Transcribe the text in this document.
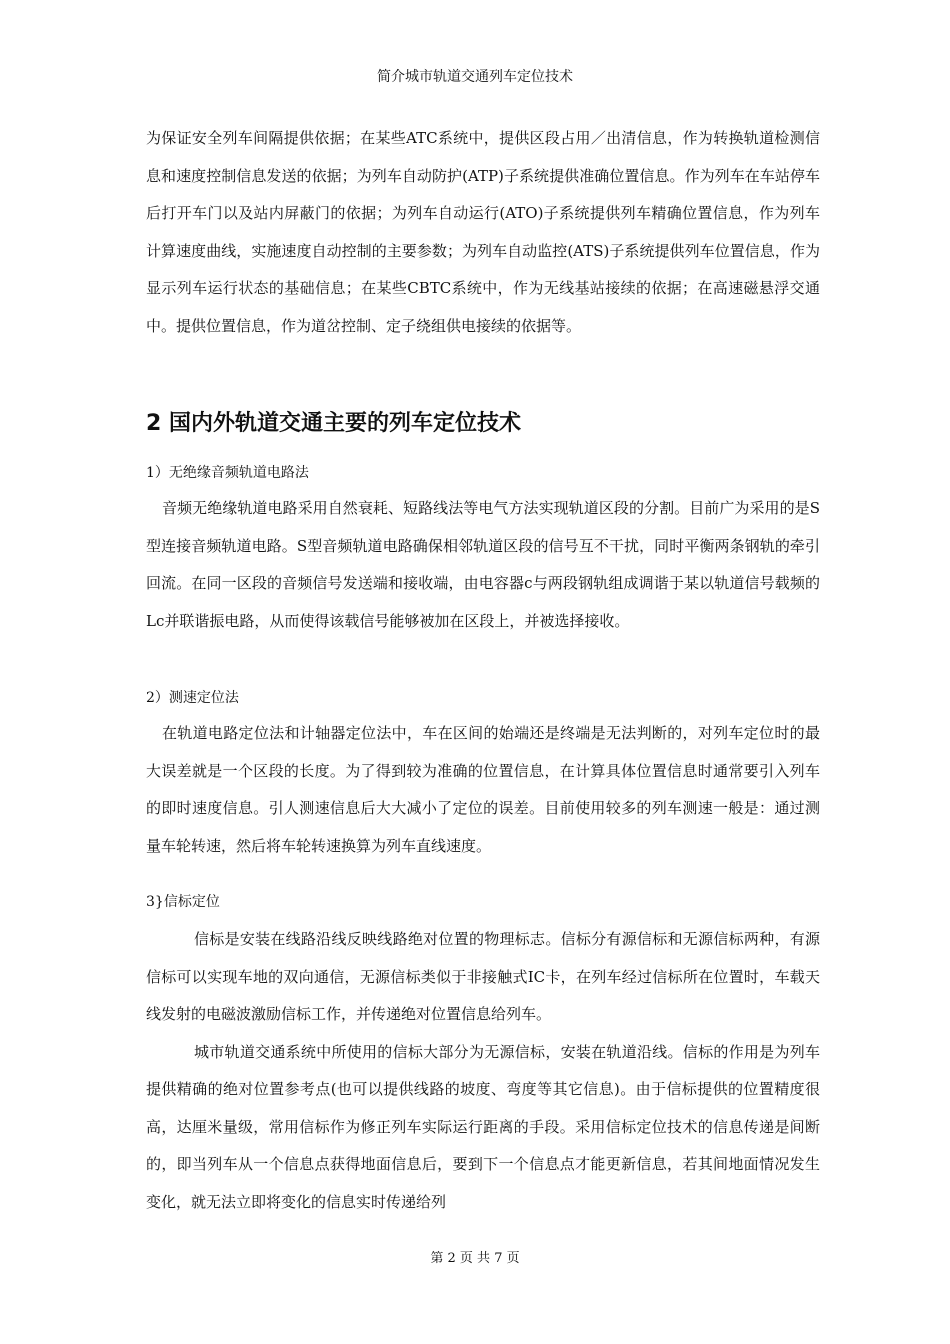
简介城市轨道交通列车定位技术

为保证安全列车间隔提供依据；在某些ATC系统中，提供区段占用／出清信息，作为转换轨道检测信息和速度控制信息发送的依据；为列车自动防护(ATP)子系统提供准确位置信息。作为列车在车站停车后打开车门以及站内屏蔽门的依据；为列车自动运行(ATO)子系统提供列车精确位置信息，作为列车计算速度曲线，实施速度自动控制的主要参数；为列车自动监控(ATS)子系统提供列车位置信息，作为显示列车运行状态的基础信息；在某些CBTC系统中，作为无线基站接续的依据；在高速磁悬浮交通中。提供位置信息，作为道岔控制、定子绕组供电接续的依据等。

2 国内外轨道交通主要的列车定位技术

1）无绝缘音频轨道电路法

音频无绝缘轨道电路采用自然衰耗、短路线法等电气方法实现轨道区段的分割。目前广为采用的是S型连接音频轨道电路。S型音频轨道电路确保相邻轨道区段的信号互不干扰，同时平衡两条钢轨的牵引回流。在同一区段的音频信号发送端和接收端，由电容器c与两段钢轨组成调谐于某以轨道信号载频的Lc并联谐振电路，从而使得该载信号能够被加在区段上，并被选择接收。

2）测速定位法

在轨道电路定位法和计轴器定位法中，车在区间的始端还是终端是无法判断的，对列车定位时的最大误差就是一个区段的长度。为了得到较为准确的位置信息，在计算具体位置信息时通常要引入列车的即时速度信息。引人测速信息后大大减小了定位的误差。目前使用较多的列车测速一般是：通过测量车轮转速，然后将车轮转速换算为列车直线速度。

3}信标定位

信标是安装在线路沿线反映线路绝对位置的物理标志。信标分有源信标和无源信标两种，有源信标可以实现车地的双向通信，无源信标类似于非接触式IC卡，在列车经过信标所在位置时，车载天线发射的电磁波激励信标工作，并传递绝对位置信息给列车。

城市轨道交通系统中所使用的信标大部分为无源信标，安装在轨道沿线。信标的作用是为列车提供精确的绝对位置参考点(也可以提供线路的坡度、弯度等其它信息)。由于信标提供的位置精度很高，达厘米量级，常用信标作为修正列车实际运行距离的手段。采用信标定位技术的信息传递是间断的，即当列车从一个信息点获得地面信息后，要到下一个信息点才能更新信息，若其间地面情况发生变化，就无法立即将变化的信息实时传递给列

第 2 页 共 7 页
